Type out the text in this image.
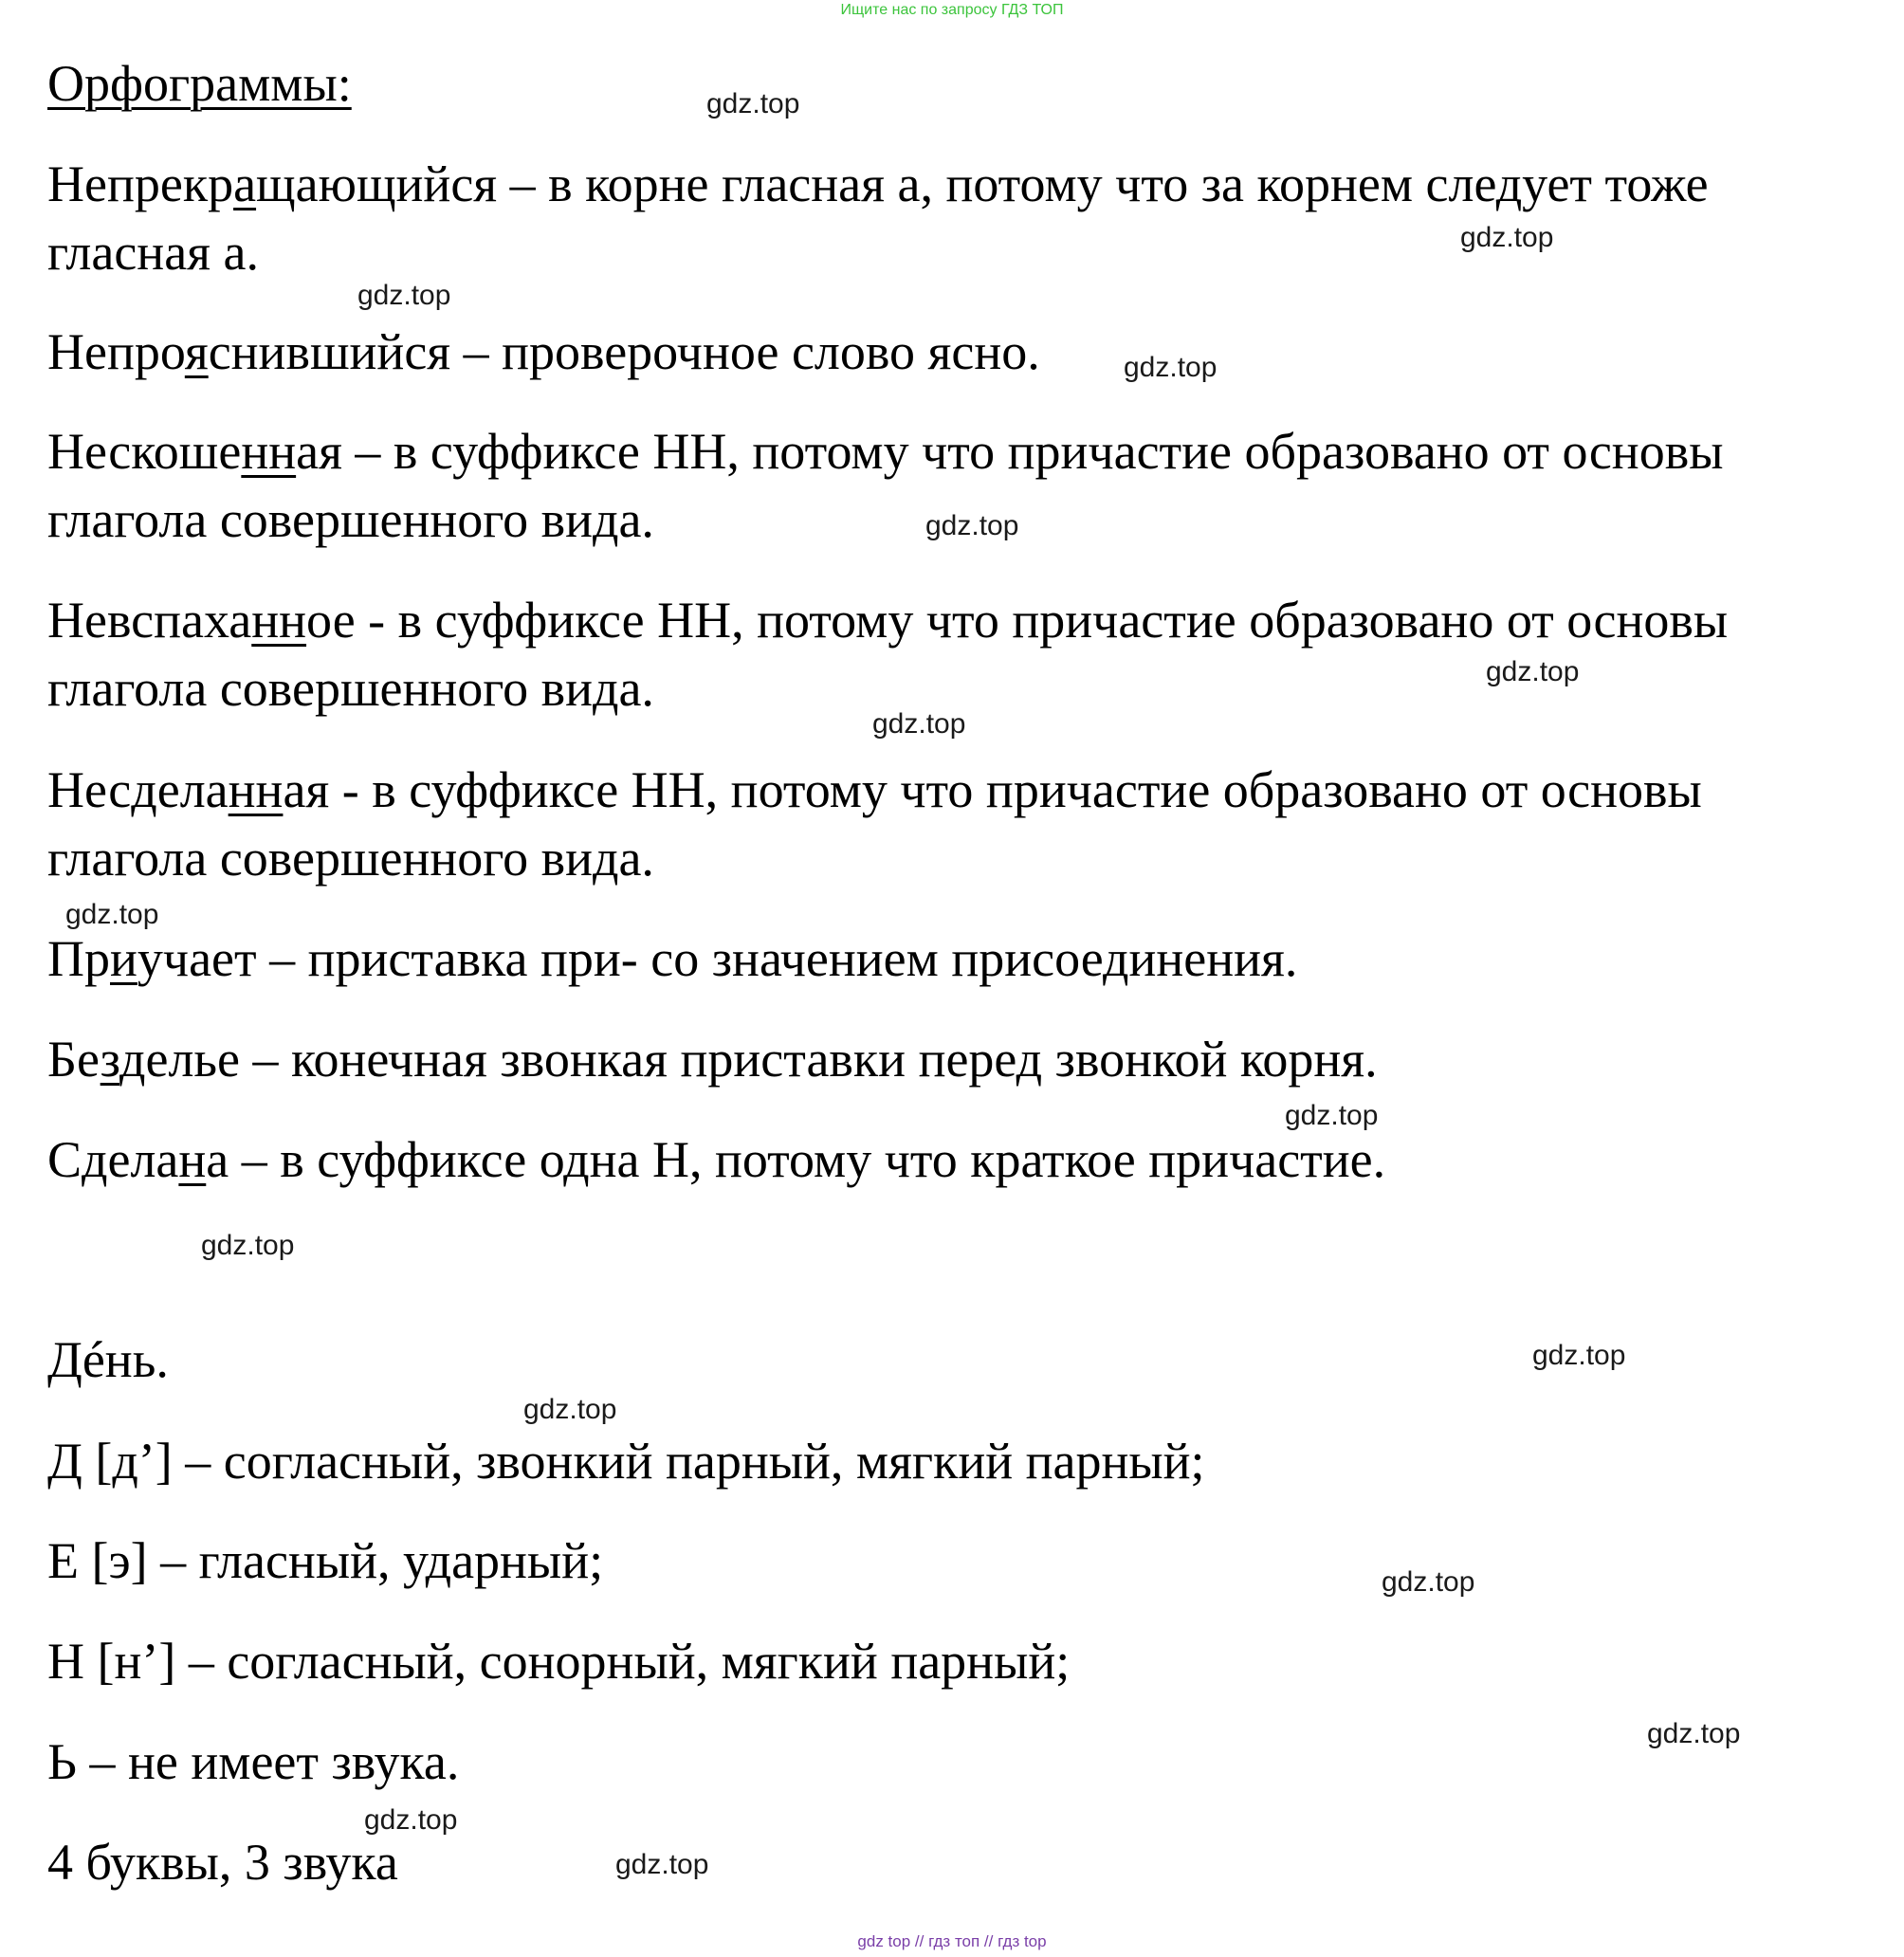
Ищите нас по запросу ГДЗ ТОП
Орфограммы:
Непрекращающийся – в корне гласная а, потому что за корнем следует тоже
гласная а.
Непрояснившийся – проверочное слово ясно.
Нескошенная – в суффиксе НН, потому что причастие образовано от основы
глагола совершенного вида.
Невспаханное - в суффиксе НН, потому что причастие образовано от основы
глагола совершенного вида.
Несделанная - в суффиксе НН, потому что причастие образовано от основы
глагола совершенного вида.
Приучает – приставка при- со значением присоединения.
Безделье – конечная звонкая приставки перед звонкой корня.
Сделана – в суффиксе одна Н, потому что краткое причастие.
Дéнь.
Д [д’] – согласный, звонкий парный, мягкий парный;
Е [э] – гласный, ударный;
Н [н’] – согласный, сонорный, мягкий парный;
Ь – не имеет звука.
4 буквы, 3 звука
gdz.top
gdz.top
gdz.top
gdz.top
gdz.top
gdz.top
gdz.top
gdz.top
gdz.top
gdz.top
gdz.top
gdz.top
gdz.top
gdz.top
gdz.top
gdz.top
gdz top // гдз топ // гдз top
